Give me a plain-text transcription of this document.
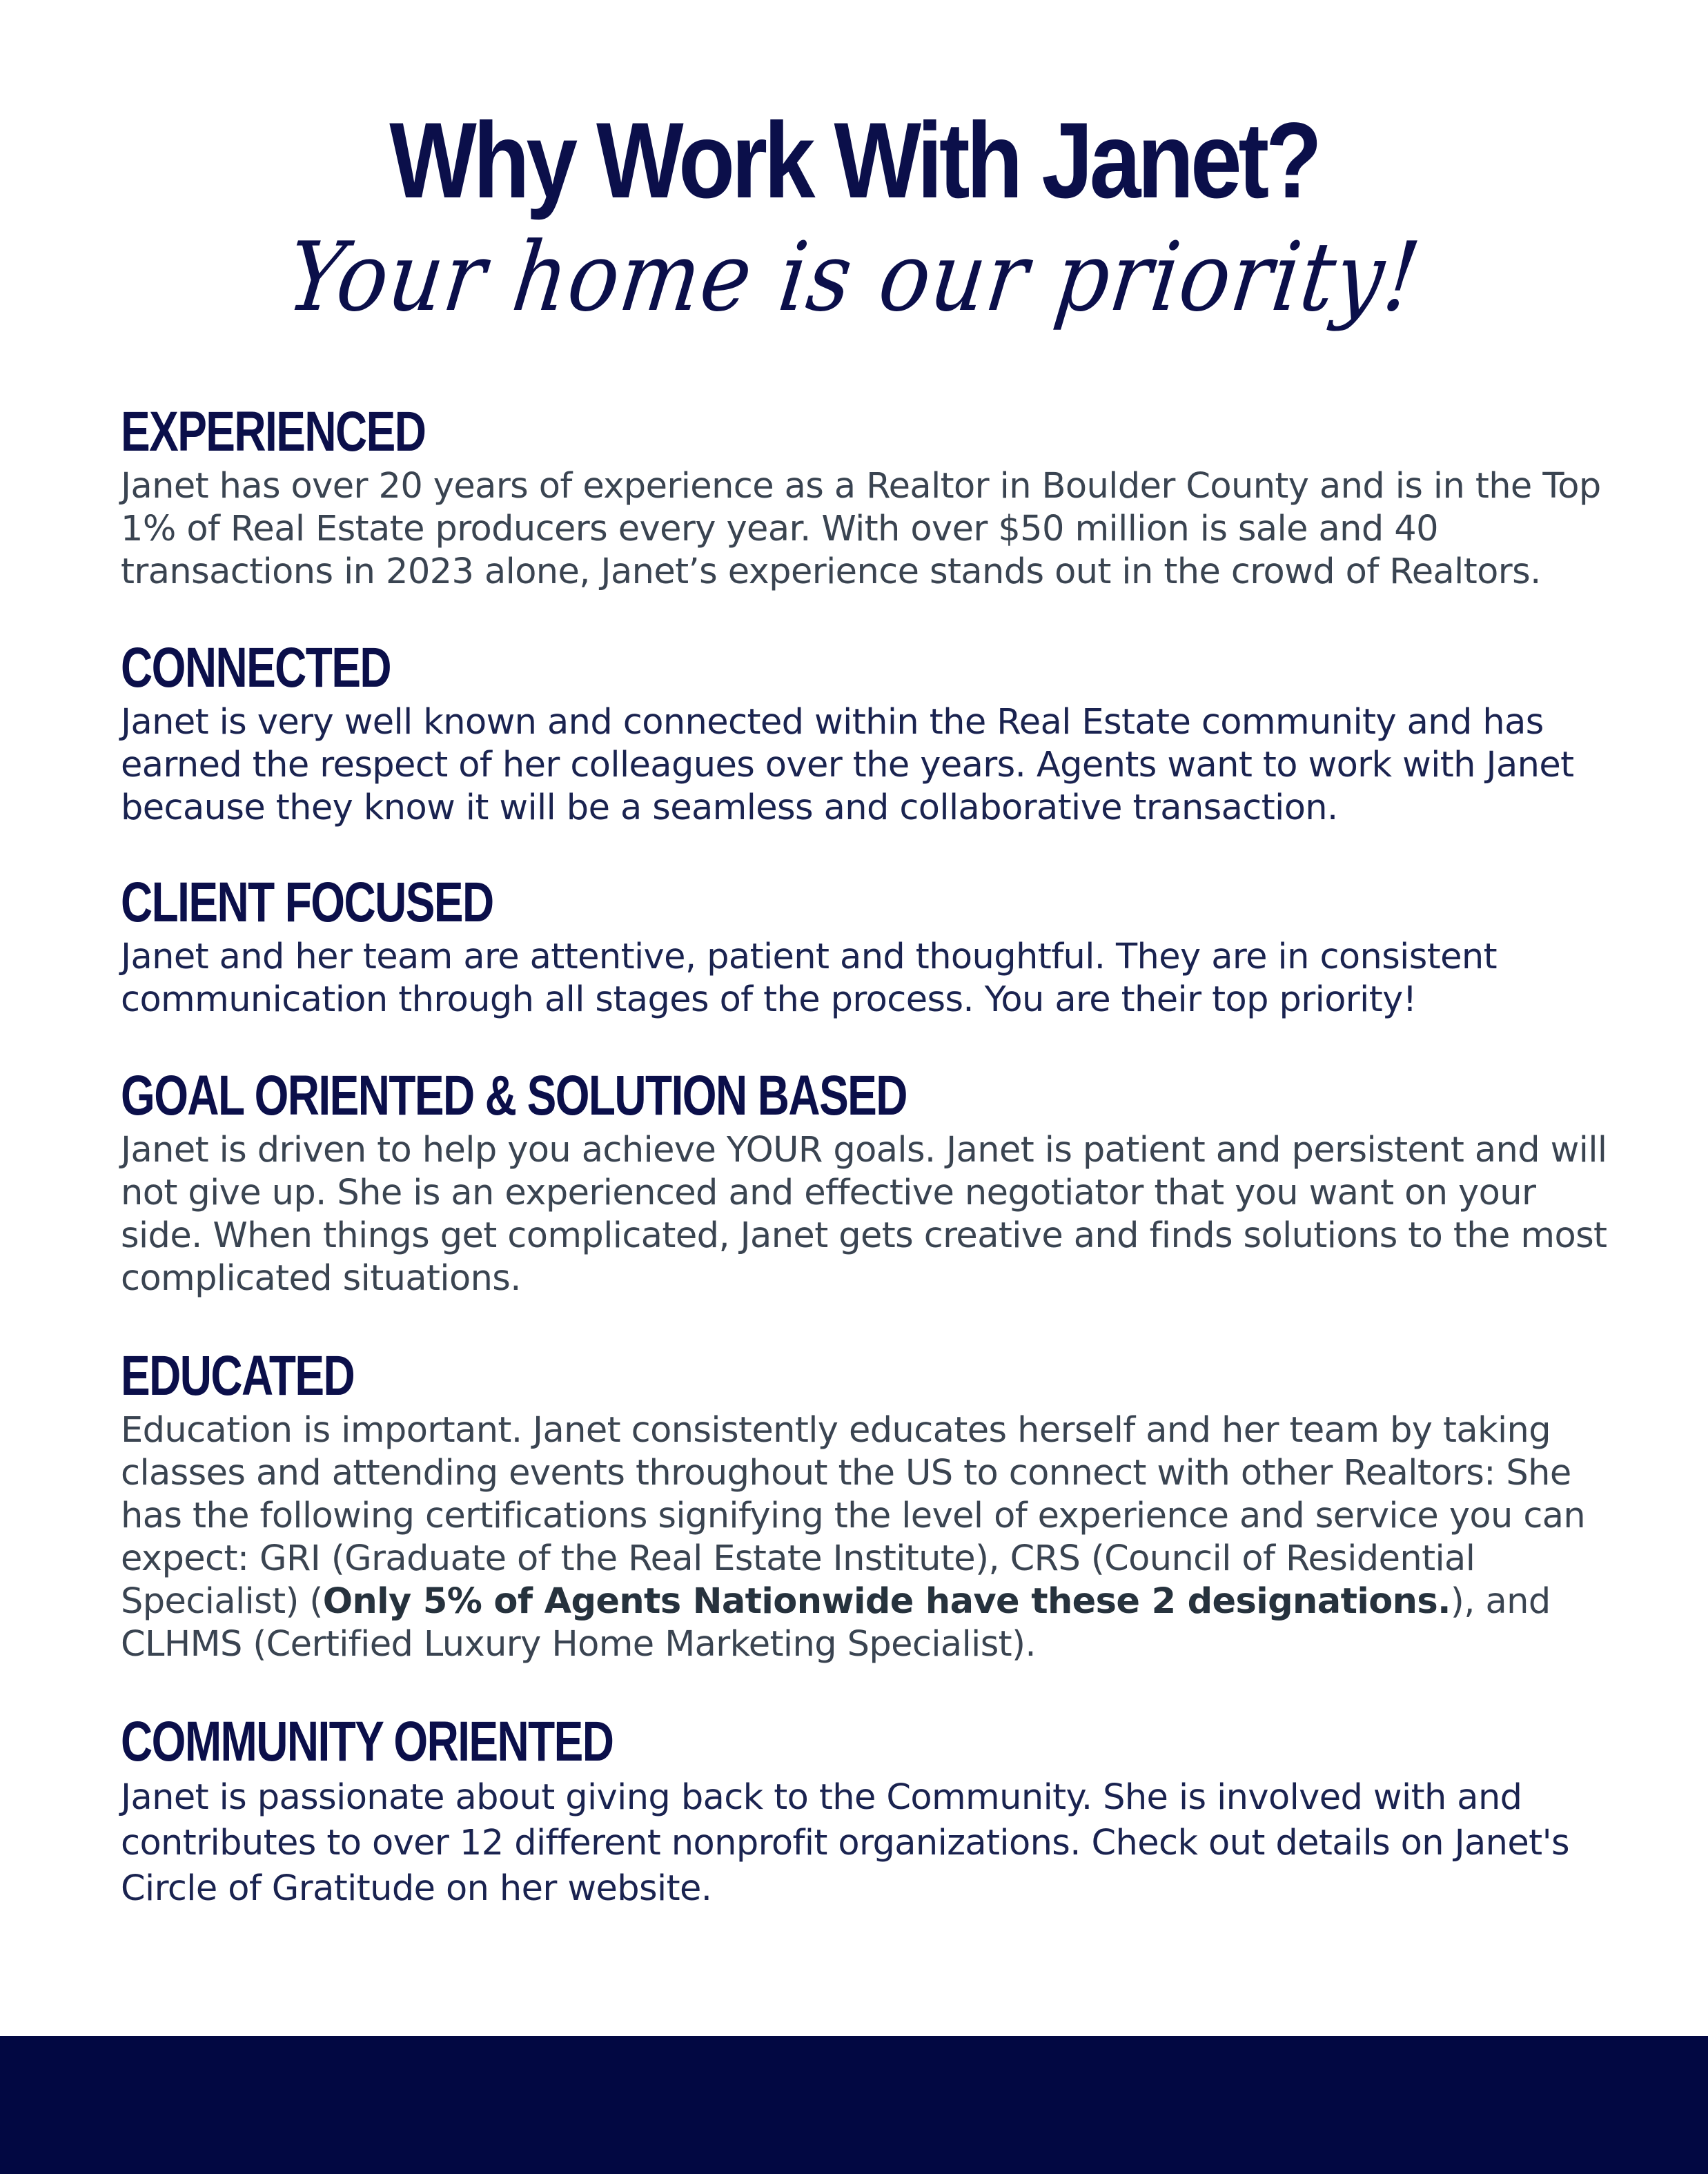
Why Work With Janet?

Your home is our priority!

EXPERIENCED

Janet has over 20 years of experience as a Realtor in Boulder County and is in the Top 1% of Real Estate producers every year. With over $50 million is sale and 40 transactions in 2023 alone, Janet’s experience stands out in the crowd of Realtors.

CONNECTED

Janet is very well known and connected within the Real Estate community and has earned the respect of her colleagues over the years. Agents want to work with Janet because they know it will be a seamless and collaborative transaction.

CLIENT FOCUSED

Janet and her team are attentive, patient and thoughtful. They are in consistent communication through all stages of the process. You are their top priority!

GOAL ORIENTED & SOLUTION BASED

Janet is driven to help you achieve YOUR goals. Janet is patient and persistent and will not give up. She is an experienced and effective negotiator that you want on your side. When things get complicated, Janet gets creative and finds solutions to the most complicated situations.

EDUCATED

Education is important. Janet consistently educates herself and her team by taking classes and attending events throughout the US to connect with other Realtors: She has the following certifications signifying the level of experience and service you can expect: GRI (Graduate of the Real Estate Institute), CRS (Council of Residential Specialist) (Only 5% of Agents Nationwide have these 2 designations.), and CLHMS (Certified Luxury Home Marketing Specialist).

COMMUNITY ORIENTED

Janet is passionate about giving back to the Community. She is involved with and contributes to over 12 different nonprofit organizations. Check out details on Janet's Circle of Gratitude on her website.
